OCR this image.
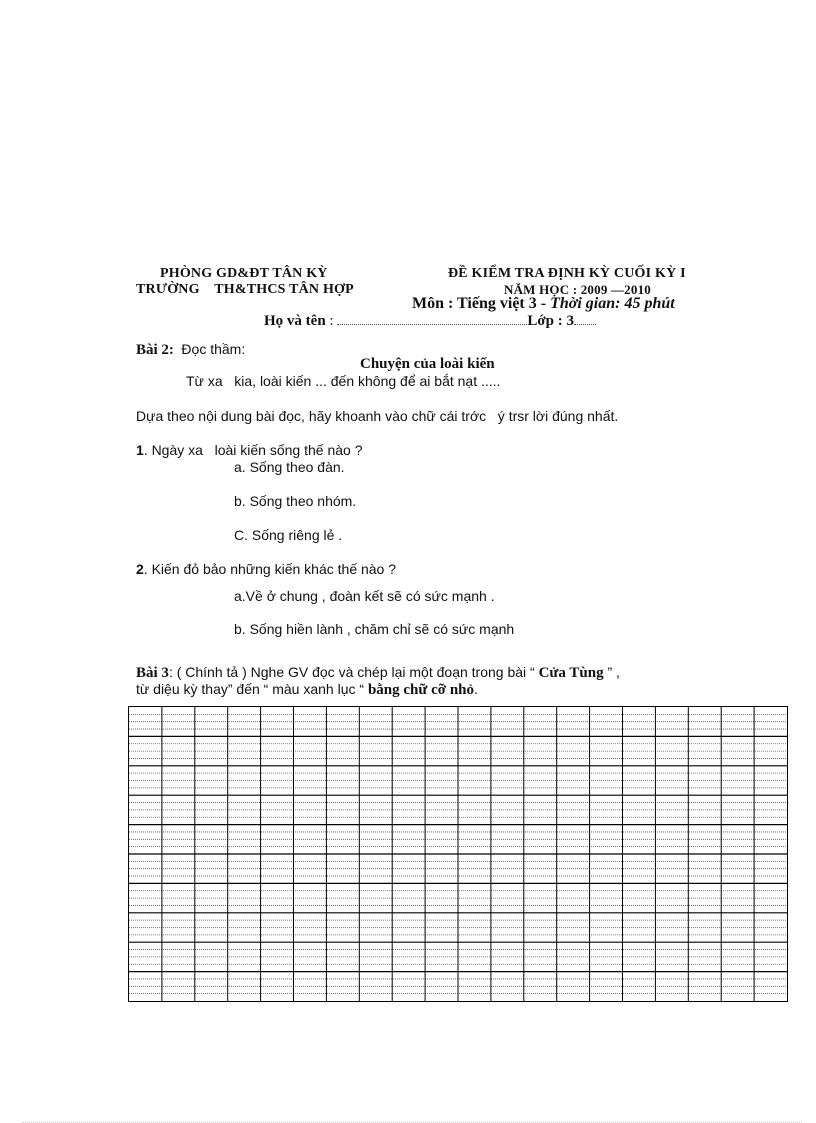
PHÒNG GD&ĐT TÂN KỲ
TRƯỜNG    TH&THCS TÂN HỢP
ĐỀ KIỂM TRA ĐỊNH KỲ CUỐI KỲ I
NĂM HỌC : 2009 —2010
Môn : Tiếng việt 3 - Thời gian: 45 phút
Họ và tên :	Lớp : 3
Bài 2: Đọc thầm:
Chuyện của loài kiến
Từ xa   kia, loài kiến ... đến không để ai bắt nạt .....
Dựa theo nội dung bài đọc, hãy khoanh vào chữ cái trớc   ý trsr lời đúng nhất.
1. Ngày xa   loài kiến sống thế nào ?
a. Sống theo đàn.
b. Sống theo nhóm.
C. Sống riêng lẻ .
2. Kiến đỏ bảo những kiến khác thế nào ?
a.Về ở chung , đoàn kết sẽ có sức mạnh .
b. Sống hiền lành , chăm chỉ sẽ có sức mạnh
Bài 3: ( Chính tả ) Nghe GV đọc và chép lại một đoạn trong bài “ Cửa Tùng ” ,
từ diệu kỳ thay” đến “ màu xanh lục “ bằng chữ cỡ nhỏ.
